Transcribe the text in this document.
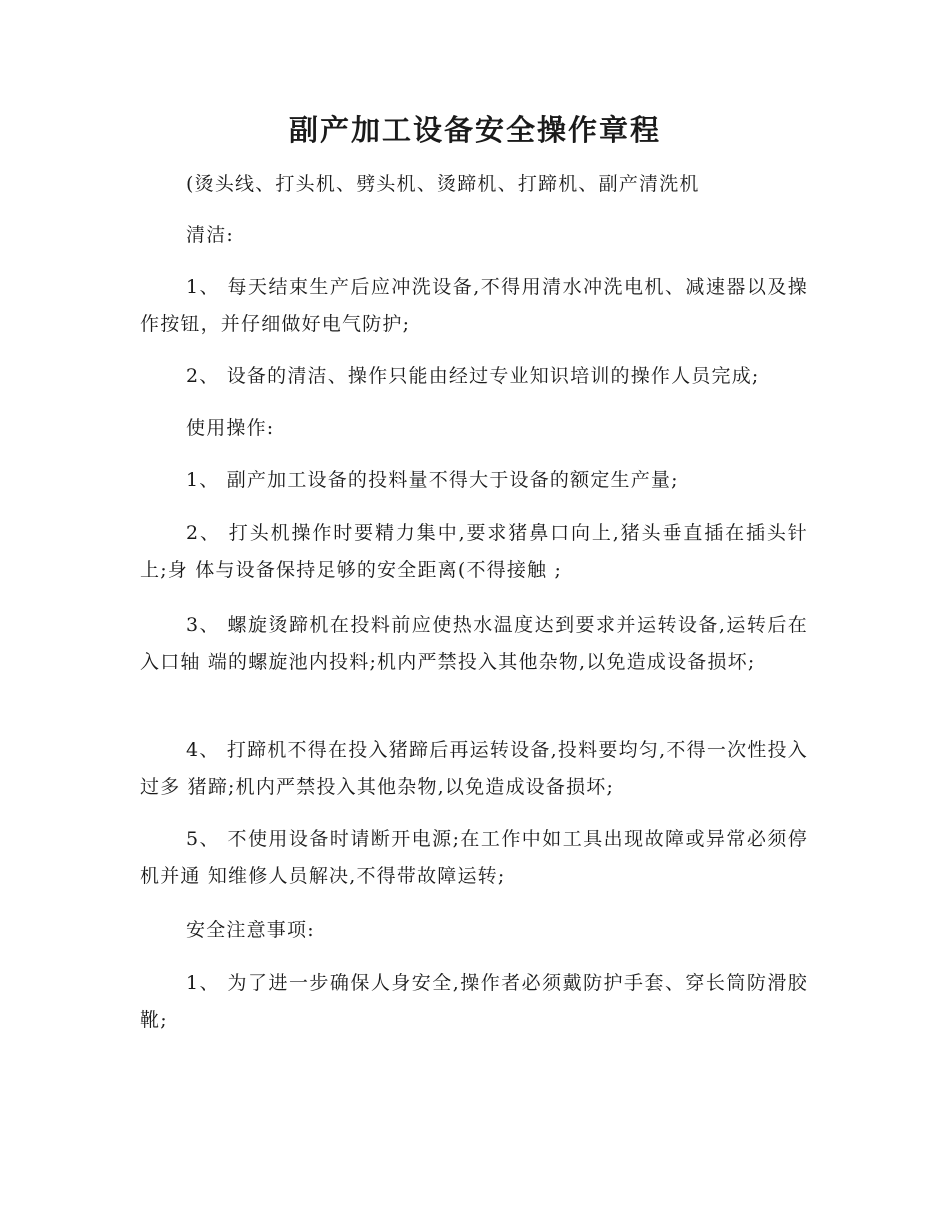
副产加工设备安全操作章程

(烫头线、打头机、劈头机、烫蹄机、打蹄机、副产清洗机

清洁:

1、 每天结束生产后应冲洗设备,不得用清水冲洗电机、减速器以及操作按钮，并仔细做好电气防护;

2、 设备的清洁、操作只能由经过专业知识培训的操作人员完成;

使用操作:

1、 副产加工设备的投料量不得大于设备的额定生产量;

2、 打头机操作时要精力集中,要求猪鼻口向上,猪头垂直插在插头针上;身 体与设备保持足够的安全距离(不得接触 ;

3、 螺旋烫蹄机在投料前应使热水温度达到要求并运转设备,运转后在入口轴 端的螺旋池内投料;机内严禁投入其他杂物,以免造成设备损坏;

4、 打蹄机不得在投入猪蹄后再运转设备,投料要均匀,不得一次性投入过多 猪蹄;机内严禁投入其他杂物,以免造成设备损坏;

5、 不使用设备时请断开电源;在工作中如工具出现故障或异常必须停机并通 知维修人员解决,不得带故障运转;

安全注意事项:

1、 为了进一步确保人身安全,操作者必须戴防护手套、穿长筒防滑胶靴;
